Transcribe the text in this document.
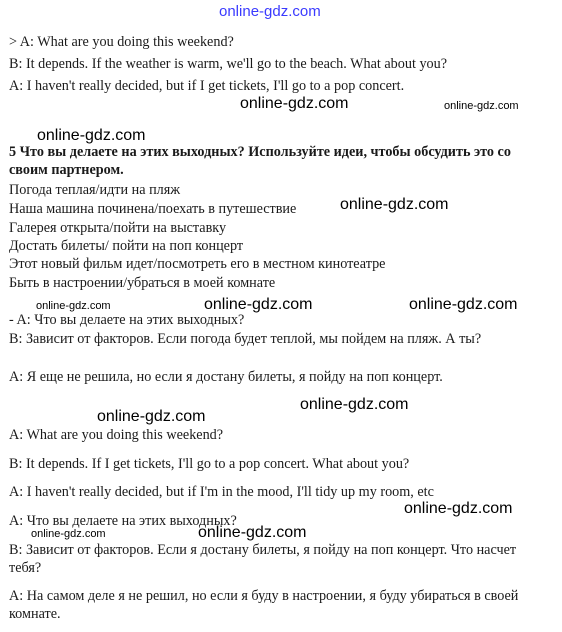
online-gdz.com
online-gdz.com	online-gdz.com
online-gdz.com
online-gdz.com
online-gdz.com	online-gdz.com	online-gdz.com
online-gdz.com
online-gdz.com
online-gdz.com
online-gdz.com	online-gdz.com
> A: What are you doing this weekend?
B: It depends. If the weather is warm, we'll go to the beach. What about you?
A: I haven't really decided, but if I get tickets, I'll go to a pop concert.
5 Что вы делаете на этих выходных? Используйте идеи, чтобы обсудить это со своим партнером.
Погода теплая/идти на пляж
Наша машина починена/поехать в путешествие
Галерея открыта/пойти на выставку
Достать билеты/ пойти на поп концерт
Этот новый фильм идет/посмотреть его в местном кинотеатре
Быть в настроении/убраться в моей комнате
- A: Что вы делаете на этих выходных?
B: Зависит от факторов. Если погода будет теплой, мы пойдем на пляж. А ты?
A: Я еще не решила, но если я достану билеты, я пойду на поп концерт.
A: What are you doing this weekend?
B: It depends. If I get tickets, I'll go to a pop concert. What about you?
A: I haven't really decided, but if I'm in the mood, I'll tidy up my room, etc
A: Что вы делаете на этих выходных?
B: Зависит от факторов. Если я достану билеты, я пойду на поп концерт. Что насчет тебя?
A: На самом деле я не решил, но если я буду в настроении, я буду убираться в своей комнате.
